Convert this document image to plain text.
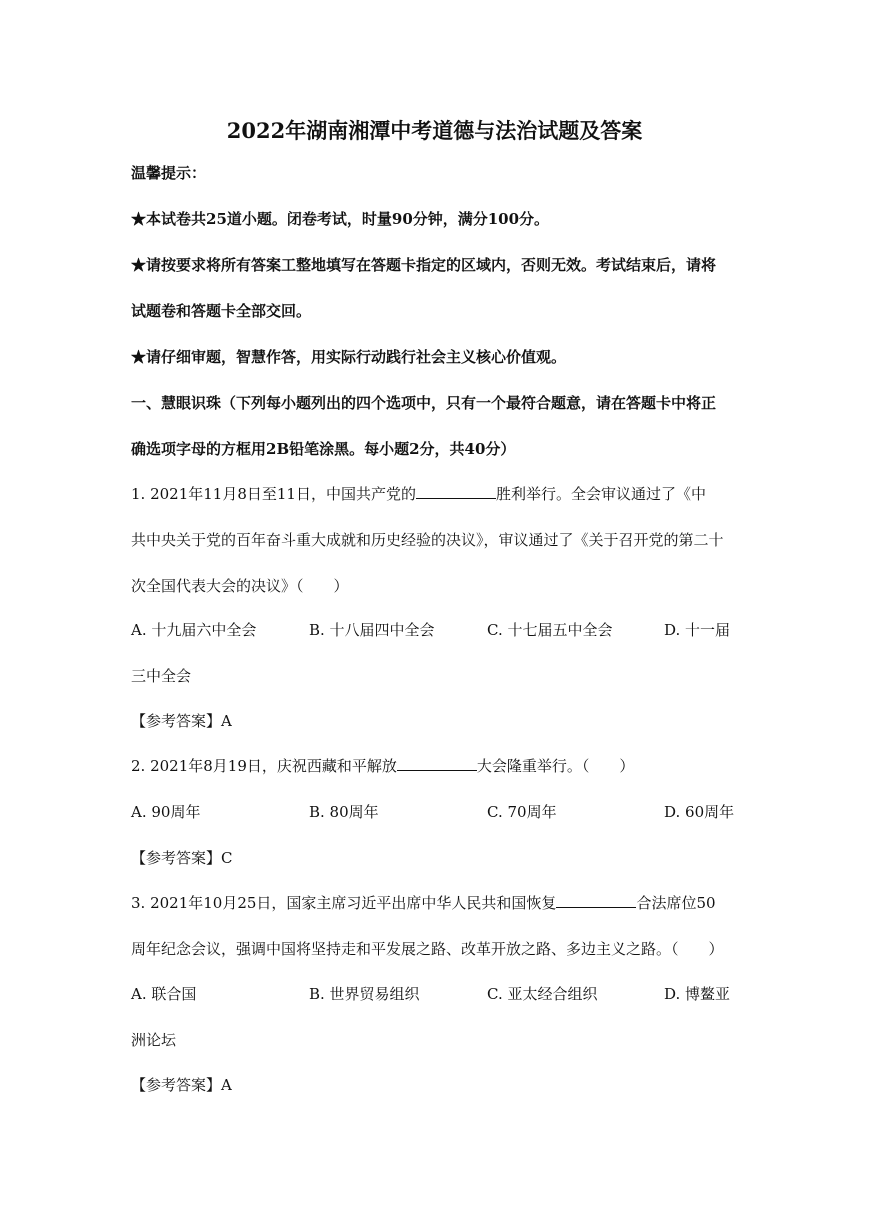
2022年湖南湘潭中考道德与法治试题及答案
温馨提示：
★本试卷共25道小题。闭卷考试，时量90分钟，满分100分。
★请按要求将所有答案工整地填写在答题卡指定的区域内，否则无效。考试结束后，请将
试题卷和答题卡全部交回。
★请仔细审题，智慧作答，用实际行动践行社会主义核心价值观。
一、慧眼识珠（下列每小题列出的四个选项中，只有一个最符合题意，请在答题卡中将正
确选项字母的方框用2B铅笔涂黑。每小题2分，共40分）
1. 2021年11月8日至11日，中国共产党的	胜利举行。全会审议通过了《中
共中央关于党的百年奋斗重大成就和历史经验的决议》，审议通过了《关于召开党的第二十
次全国代表大会的决议》（　　）
A. 十九届六中全会	B. 十八届四中全会	C. 十七届五中全会	D. 十一届
三中全会
【参考答案】A
2. 2021年8月19日，庆祝西藏和平解放	大会隆重举行。（　　）
A. 90周年	B. 80周年	C. 70周年	D. 60周年
【参考答案】C
3. 2021年10月25日，国家主席习近平出席中华人民共和国恢复	合法席位50
周年纪念会议，强调中国将坚持走和平发展之路、改革开放之路、多边主义之路。（　　）
A. 联合国	B. 世界贸易组织	C. 亚太经合组织	D. 博鳌亚
洲论坛
【参考答案】A
